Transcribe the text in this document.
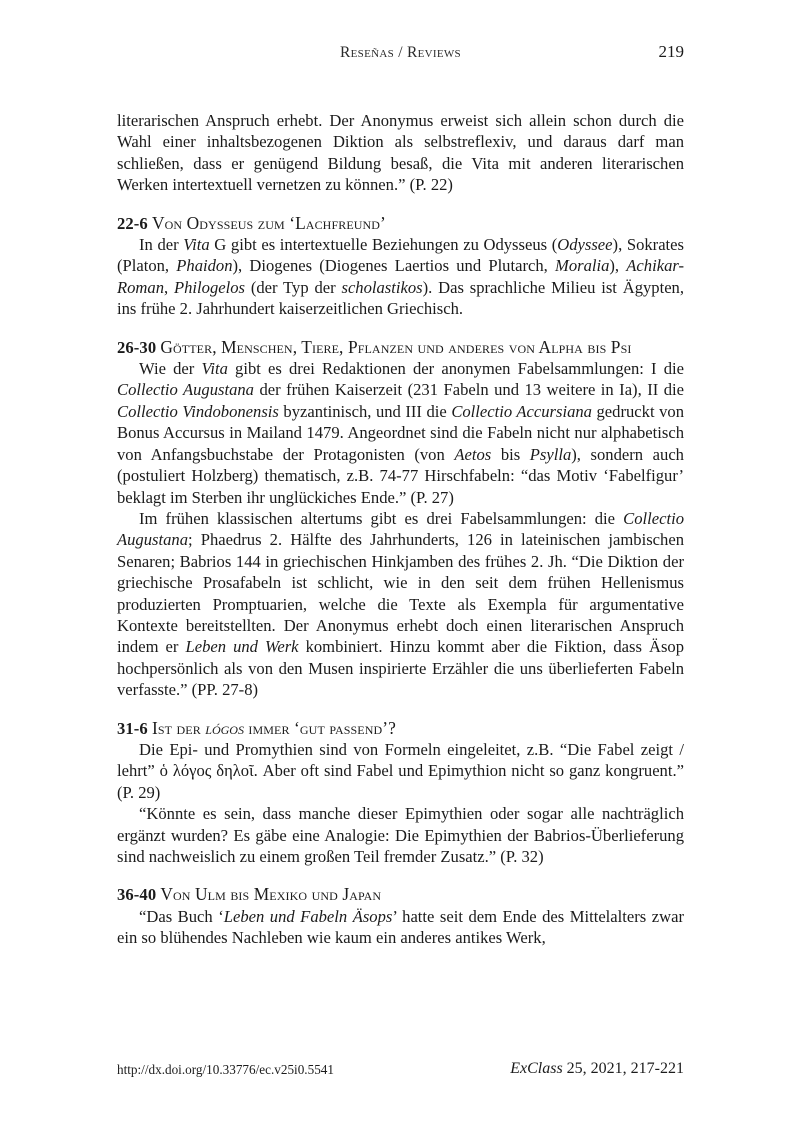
Reseñas / Reviews	219

literarischen Anspruch erhebt. Der Anonymus erweist sich allein schon durch die Wahl einer inhaltsbezogenen Diktion als selbstreflexiv, und daraus darf man schließen, dass er genügend Bildung besaß, die Vita mit anderen literarischen Werken intertextuell vernetzen zu können.” (P. 22)

22-6 Von Odysseus zum ‘Lachfreund’

In der Vita G gibt es intertextuelle Beziehungen zu Odysseus (Odyssee), Sokrates (Platon, Phaidon), Diogenes (Diogenes Laertios und Plutarch, Moralia), Achikar-Roman, Philogelos (der Typ der scholastikos). Das sprachliche Milieu ist Ägypten, ins frühe 2. Jahrhundert kaiserzeitlichen Griechisch.

26-30 Götter, Menschen, Tiere, Pflanzen und anderes von Alpha bis Psi

Wie der Vita gibt es drei Redaktionen der anonymen Fabelsammlungen: I die Collectio Augustana der frühen Kaiserzeit (231 Fabeln und 13 weitere in Ia), II die Collectio Vindobonensis byzantinisch, und III die Collectio Accursiana gedruckt von Bonus Accursus in Mailand 1479. Angeordnet sind die Fabeln nicht nur alphabetisch von Anfangsbuchstabe der Protagonisten (von Aetos bis Psylla), sondern auch (postuliert Holzberg) thematisch, z.B. 74-77 Hirschfabeln: “das Motiv ‘Fabelfigur’ beklagt im Sterben ihr unglückiches Ende.” (P. 27)

Im frühen klassischen altertums gibt es drei Fabelsammlungen: die Collectio Augustana; Phaedrus 2. Hälfte des Jahrhunderts, 126 in lateinischen jambischen Senaren; Babrios 144 in griechischen Hinkjamben des frühes 2. Jh. “Die Diktion der griechische Prosafabeln ist schlicht, wie in den seit dem frühen Hellenismus produzierten Promptuarien, welche die Texte als Exempla für argumentative Kontexte bereitstellten. Der Anonymus erhebt doch einen literarischen Anspruch indem er Leben und Werk kombiniert. Hinzu kommt aber die Fiktion, dass Äsop hochpersönlich als von den Musen inspirierte Erzähler die uns überlieferten Fabeln verfasste.” (PP. 27-8)

31-6 Ist der lógos immer ‘gut passend’?

Die Epi- und Promythien sind von Formeln eingeleitet, z.B. “Die Fabel zeigt / lehrt” ὁ λόγος δηλοῖ. Aber oft sind Fabel und Epimythion nicht so ganz kongruent.” (P. 29)

“Könnte es sein, dass manche dieser Epimythien oder sogar alle nachträglich ergänzt wurden? Es gäbe eine Analogie: Die Epimythien der Babrios-Überlieferung sind nachweislich zu einem großen Teil fremder Zusatz.” (P. 32)

36-40 Von Ulm bis Mexiko und Japan

“Das Buch ‘Leben und Fabeln Äsops’ hatte seit dem Ende des Mittelalters zwar ein so blühendes Nachleben wie kaum ein anderes antikes Werk,

http://dx.doi.org/10.33776/ec.v25i0.5541	ExClass 25, 2021, 217-221
